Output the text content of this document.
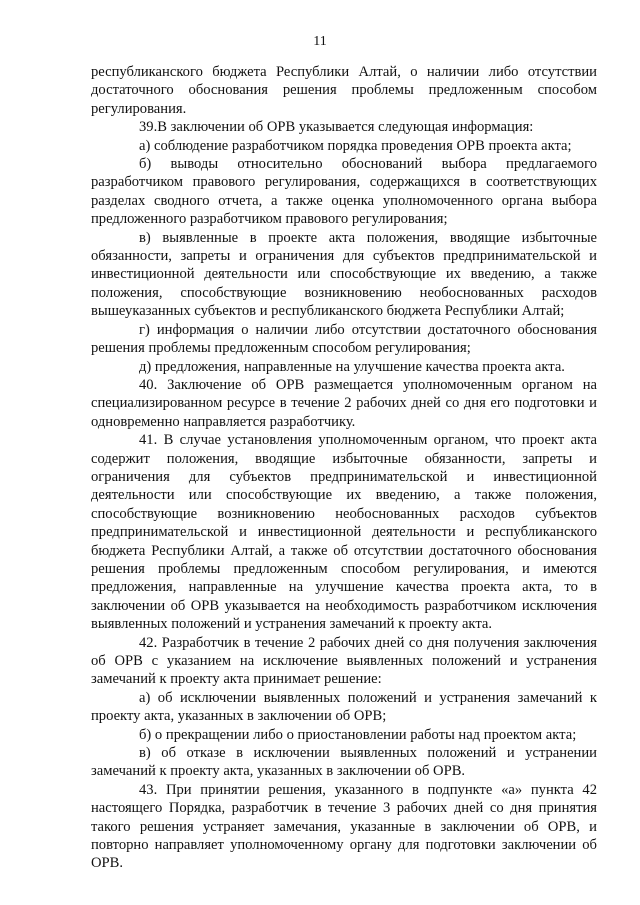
11

республиканского бюджета Республики Алтай, о наличии либо отсутствии достаточного обоснования решения проблемы предложенным способом регулирования.

39.В заключении об ОРВ указывается следующая информация:

а) соблюдение разработчиком порядка проведения ОРВ проекта акта;

б) выводы относительно обоснований выбора предлагаемого разработчиком правового регулирования, содержащихся в соответствующих разделах сводного отчета, а также оценка уполномоченного органа выбора предложенного разработчиком правового регулирования;

в) выявленные в проекте акта положения, вводящие избыточные обязанности, запреты и ограничения для субъектов предпринимательской и инвестиционной деятельности или способствующие их введению, а также положения, способствующие возникновению необоснованных расходов вышеуказанных субъектов и республиканского бюджета Республики Алтай;

г) информация о наличии либо отсутствии достаточного обоснования решения проблемы предложенным способом регулирования;

д) предложения, направленные на улучшение качества проекта акта.

40. Заключение об ОРВ размещается уполномоченным органом на специализированном ресурсе в течение 2 рабочих дней со дня его подготовки и одновременно направляется разработчику.

41. В случае установления уполномоченным органом, что проект акта содержит положения, вводящие избыточные обязанности, запреты и ограничения для субъектов предпринимательской и инвестиционной деятельности или способствующие их введению, а также положения, способствующие возникновению необоснованных расходов субъектов предпринимательской и инвестиционной деятельности и республиканского бюджета Республики Алтай, а также об отсутствии достаточного обоснования решения проблемы предложенным способом регулирования, и имеются предложения, направленные на улучшение качества проекта акта, то в заключении об ОРВ указывается на необходимость разработчиком исключения выявленных положений и устранения замечаний к проекту акта.

42. Разработчик в течение 2 рабочих дней со дня получения заключения об ОРВ с указанием на исключение выявленных положений и устранения замечаний к проекту акта принимает решение:

а) об исключении выявленных положений и устранения замечаний к проекту акта, указанных в заключении об ОРВ;

б) о прекращении либо о приостановлении работы над проектом акта;

в) об отказе в исключении выявленных положений и устранении замечаний к проекту акта, указанных в заключении об ОРВ.

43. При принятии решения, указанного в подпункте «а» пункта 42 настоящего Порядка, разработчик в течение 3 рабочих дней со дня принятия такого решения устраняет замечания, указанные в заключении об ОРВ, и повторно направляет уполномоченному органу для подготовки заключении об ОРВ.
